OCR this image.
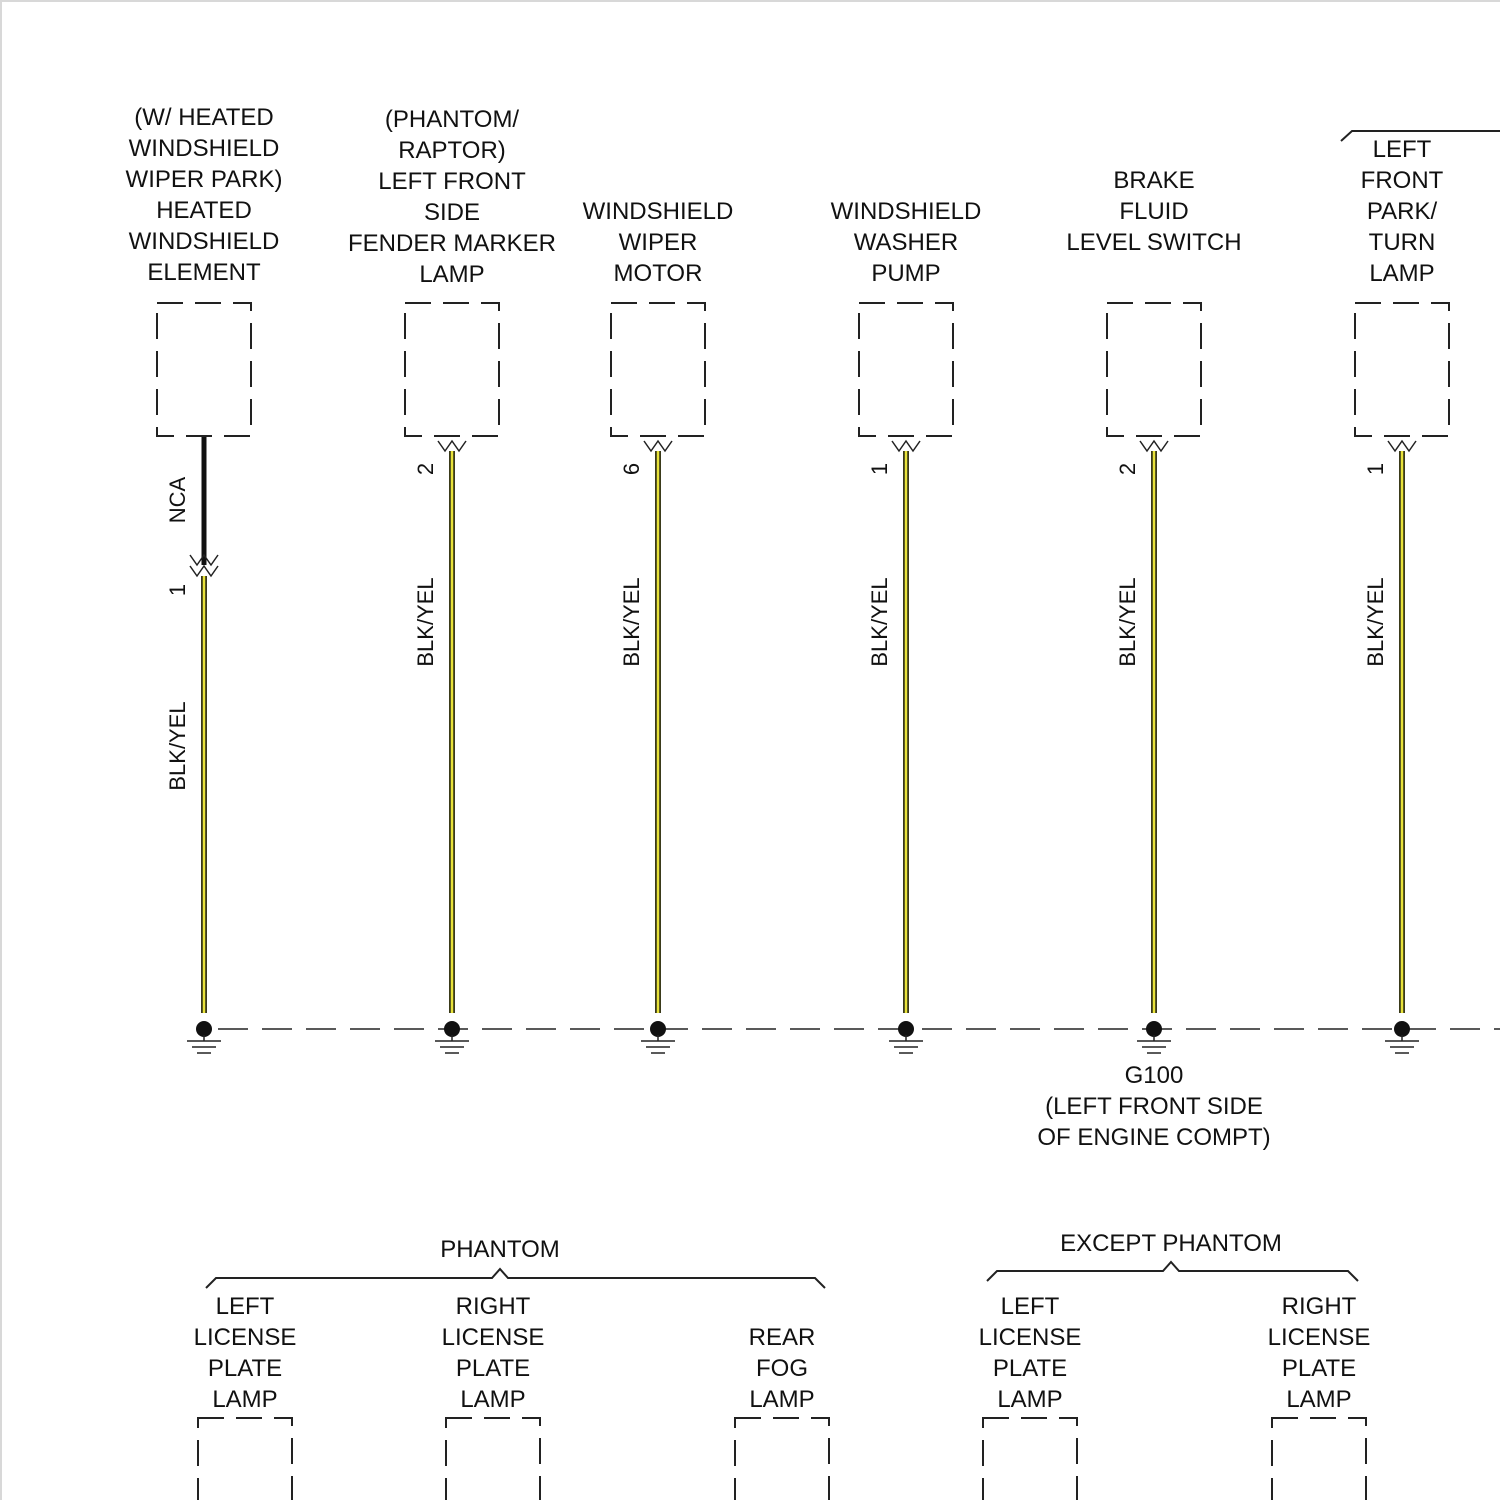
(W/ HEATED
WINDSHIELD
WIPER PARK)
HEATED
WINDSHIELD
ELEMENT
NCA
1
BLK/YEL
(PHANTOM/
RAPTOR)
LEFT FRONT
SIDE
FENDER MARKER
LAMP
2
BLK/YEL
WINDSHIELD
WIPER
MOTOR
6
BLK/YEL
WINDSHIELD
WASHER
PUMP
1
BLK/YEL
BRAKE
FLUID
LEVEL SWITCH
2
BLK/YEL
LEFT
FRONT
PARK/
TURN
LAMP
1
BLK/YEL
G100
(LEFT FRONT SIDE
OF ENGINE COMPT)
PHANTOM	EXCEPT PHANTOM
LEFT
LICENSE
PLATE
LAMP
RIGHT
LICENSE
PLATE
LAMP
REAR
FOG
LAMP
LEFT
LICENSE
PLATE
LAMP
RIGHT
LICENSE
PLATE
LAMP
